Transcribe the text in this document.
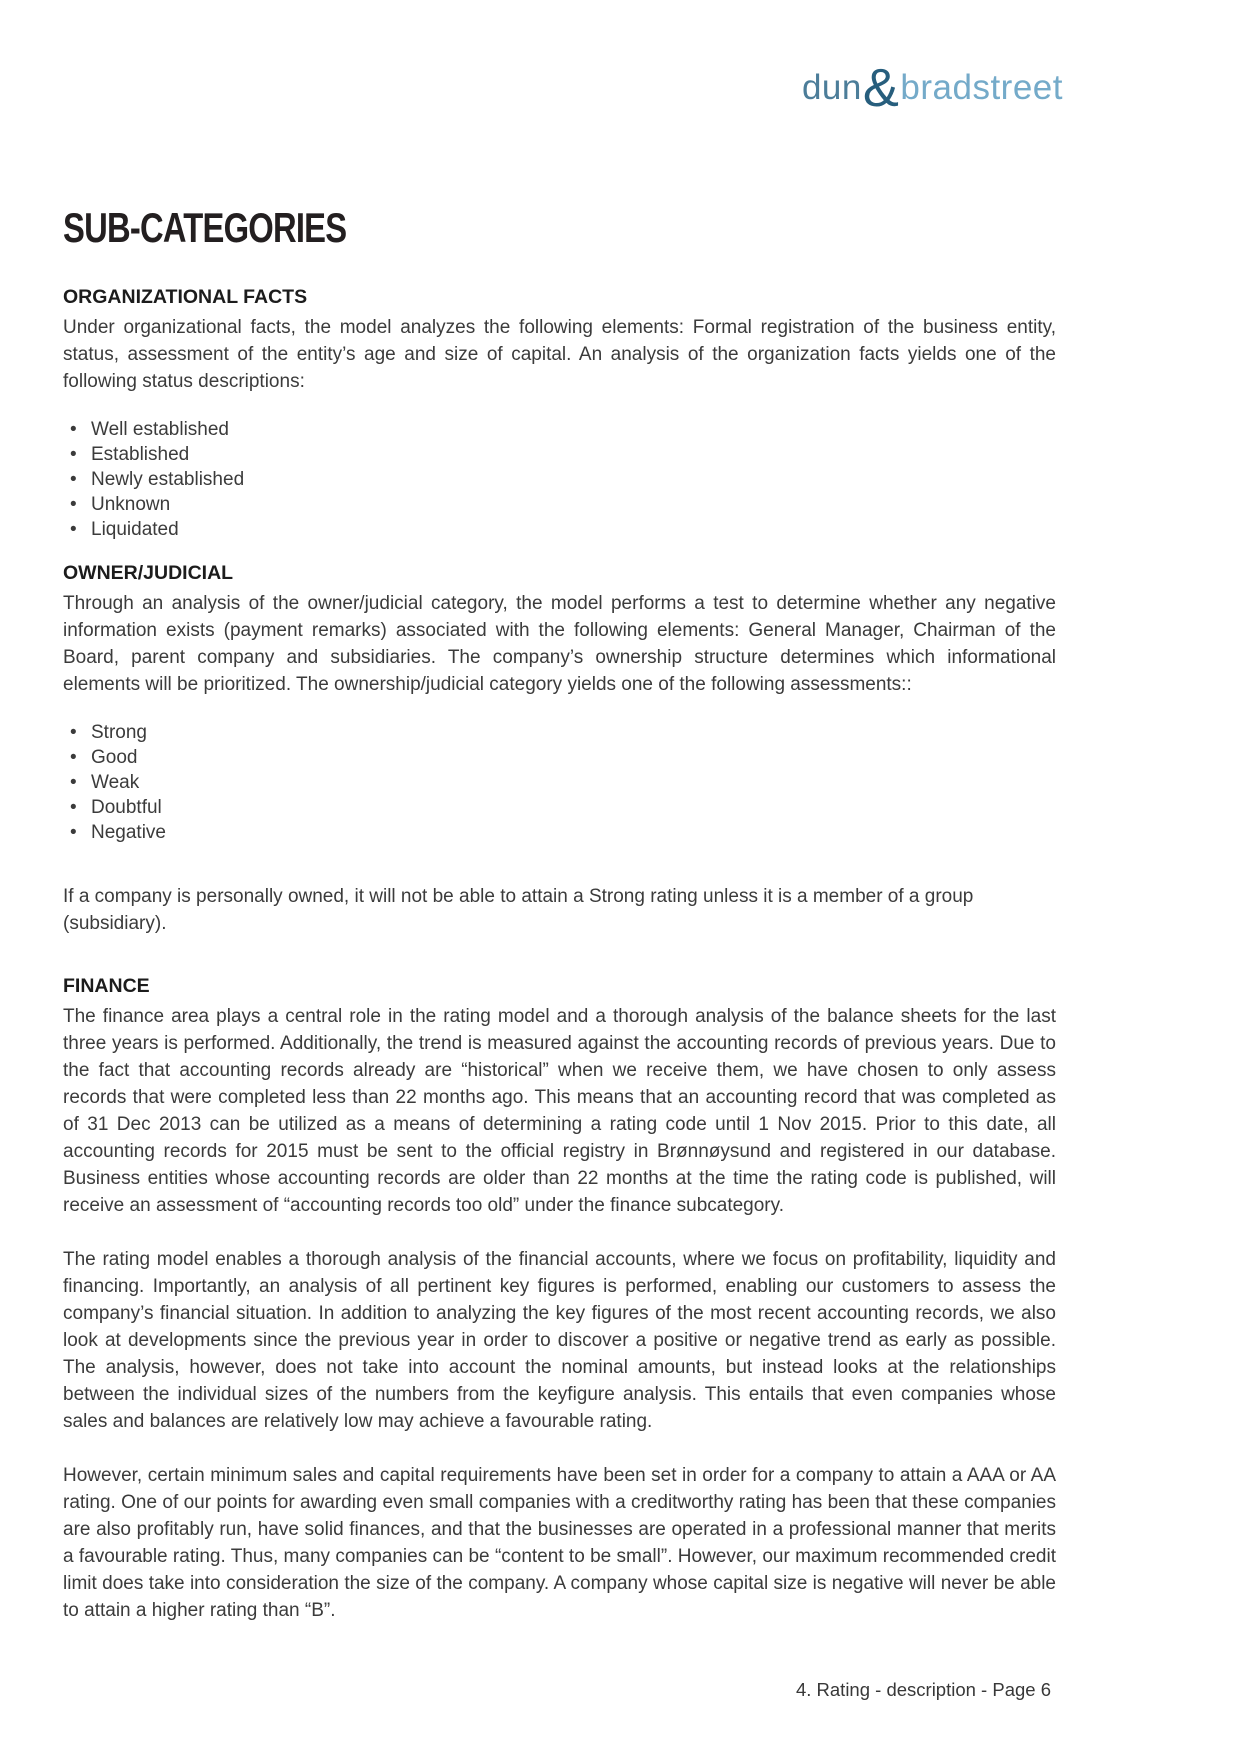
dun & bradstreet
SUB-CATEGORIES
ORGANIZATIONAL FACTS

Under organizational facts, the model analyzes the following elements: Formal registration of the business entity, status, assessment of the entity’s age and size of capital. An analysis of the organization facts yields one of the following status descriptions:

• Well established
• Established
• Newly established
• Unknown
• Liquidated
OWNER/JUDICIAL

Through an analysis of the owner/judicial category, the model performs a test to determine whether any negative information exists (payment remarks) associated with the following elements: General Manager, Chairman of the Board, parent company and subsidiaries. The company’s ownership structure determines which informational elements will be prioritized. The ownership/judicial category yields one of the following assessments::

• Strong
• Good
• Weak
• Doubtful
• Negative

If a company is personally owned, it will not be able to attain a Strong rating unless it is a member of a group (subsidiary).

FINANCE

The finance area plays a central role in the rating model and a thorough analysis of the balance sheets for the last three years is performed. Additionally, the trend is measured against the accounting records of previous years. Due to the fact that accounting records already are “historical” when we receive them, we have chosen to only assess records that were completed less than 22 months ago. This means that an accounting record that was completed as of 31 Dec 2013 can be utilized as a means of determining a rating code until 1 Nov 2015. Prior to this date, all accounting records for 2015 must be sent to the official registry in Brønnøysund and registered in our database. Business entities whose accounting records are older than 22 months at the time the rating code is published, will receive an assessment of “accounting records too old” under the finance subcategory.

The rating model enables a thorough analysis of the financial accounts, where we focus on profitability, liquidity and financing. Importantly, an analysis of all pertinent key figures is performed, enabling our customers to assess the company’s financial situation. In addition to analyzing the key figures of the most recent accounting records, we also look at developments since the previous year in order to discover a positive or negative trend as early as possible. The analysis, however, does not take into account the nominal amounts, but instead looks at the relationships between the individual sizes of the numbers from the keyfigure analysis. This entails that even companies whose sales and balances are relatively low may achieve a favourable rating.

However, certain minimum sales and capital requirements have been set in order for a company to attain a AAA or AA rating. One of our points for awarding even small companies with a creditworthy rating has been that these companies are also profitably run, have solid finances, and that the businesses are operated in a professional manner that merits a favourable rating. Thus, many companies can be “content to be small”. However, our maximum recommended credit limit does take into consideration the size of the company. A company whose capital size is negative will never be able to attain a higher rating than “B”.

4. Rating - description - Page 6
